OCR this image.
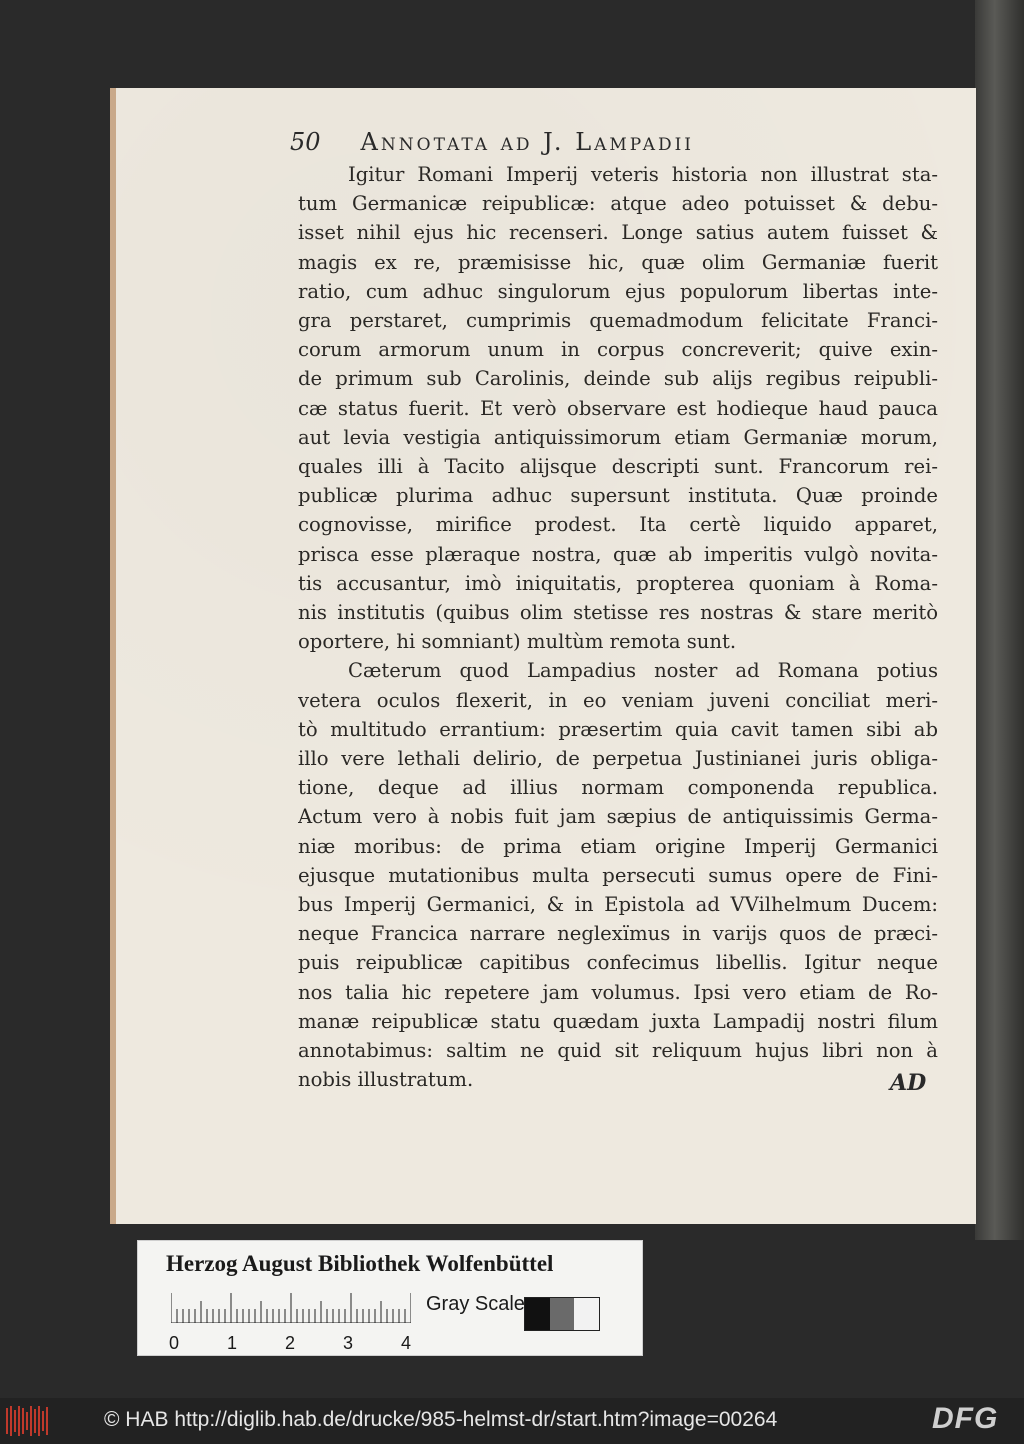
50 Annotata ad J. Lampadii
Igitur Romani Imperij veteris historia non illustrat sta-
tum Germanicæ reipublicæ: atque adeo potuisset & debu-
isset nihil ejus hic recenseri. Longe satius autem fuisset &
magis ex re, præmisisse hic, quæ olim Germaniæ fuerit
ratio, cum adhuc singulorum ejus populorum libertas inte-
gra perstaret, cumprimis quemadmodum felicitate Franci-
corum armorum unum in corpus concreverit; quive exin-
de primum sub Carolinis, deinde sub alijs regibus reipubli-
cæ status fuerit. Et verò observare est hodieque haud pauca
aut levia vestigia antiquissimorum etiam Germaniæ morum,
quales illi à Tacito alijsque descripti sunt. Francorum rei-
publicæ plurima adhuc supersunt instituta. Quæ proinde
cognovisse, mirifice prodest. Ita certè liquido apparet,
prisca esse plæraque nostra, quæ ab imperitis vulgò novita-
tis accusantur, imò iniquitatis, propterea quoniam à Roma-
nis institutis (quibus olim stetisse res nostras & stare meritò
oportere, hi somniant) multùm remota sunt.
Cæterum quod Lampadius noster ad Romana potius
vetera oculos flexerit, in eo veniam juveni conciliat meri-
tò multitudo errantium: præsertim quia cavit tamen sibi ab
illo vere lethali delirio, de perpetua Justinianei juris obliga-
tione, deque ad illius normam componenda republica.
Actum vero à nobis fuit jam sæpius de antiquissimis Germa-
niæ moribus: de prima etiam origine Imperij Germanici
ejusque mutationibus multa persecuti sumus opere de Fini-
bus Imperij Germanici, & in Epistola ad VVilhelmum Ducem:
neque Francica narrare neglexïmus in varijs quos de præci-
puis reipublicæ capitibus confecimus libellis. Igitur neque
nos talia hic repetere jam volumus. Ipsi vero etiam de Ro-
manæ reipublicæ statu quædam juxta Lampadij nostri filum
annotabimus: saltim ne quid sit reliquum hujus libri non à
nobis illustratum.	AD
Herzog August Bibliothek Wolfenbüttel
Gray Scale
0	1	2	3	4
© HAB http://diglib.hab.de/drucke/985-helmst-dr/start.htm?image=00264	DFG
